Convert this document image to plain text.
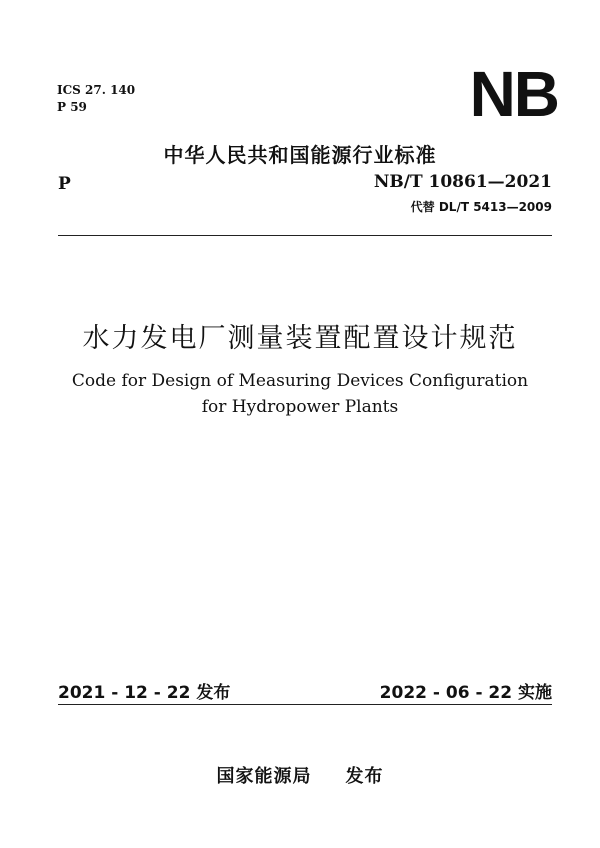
ICS 27. 140
P 59	NB
中华人民共和国能源行业标准
P	NB/T 10861—2021
代替 DL/T 5413—2009
水力发电厂测量装置配置设计规范
Code for Design of Measuring Devices Configuration
for Hydropower Plants
2021 - 12 - 22 发布	2022 - 06 - 22 实施
国家能源局 发布
